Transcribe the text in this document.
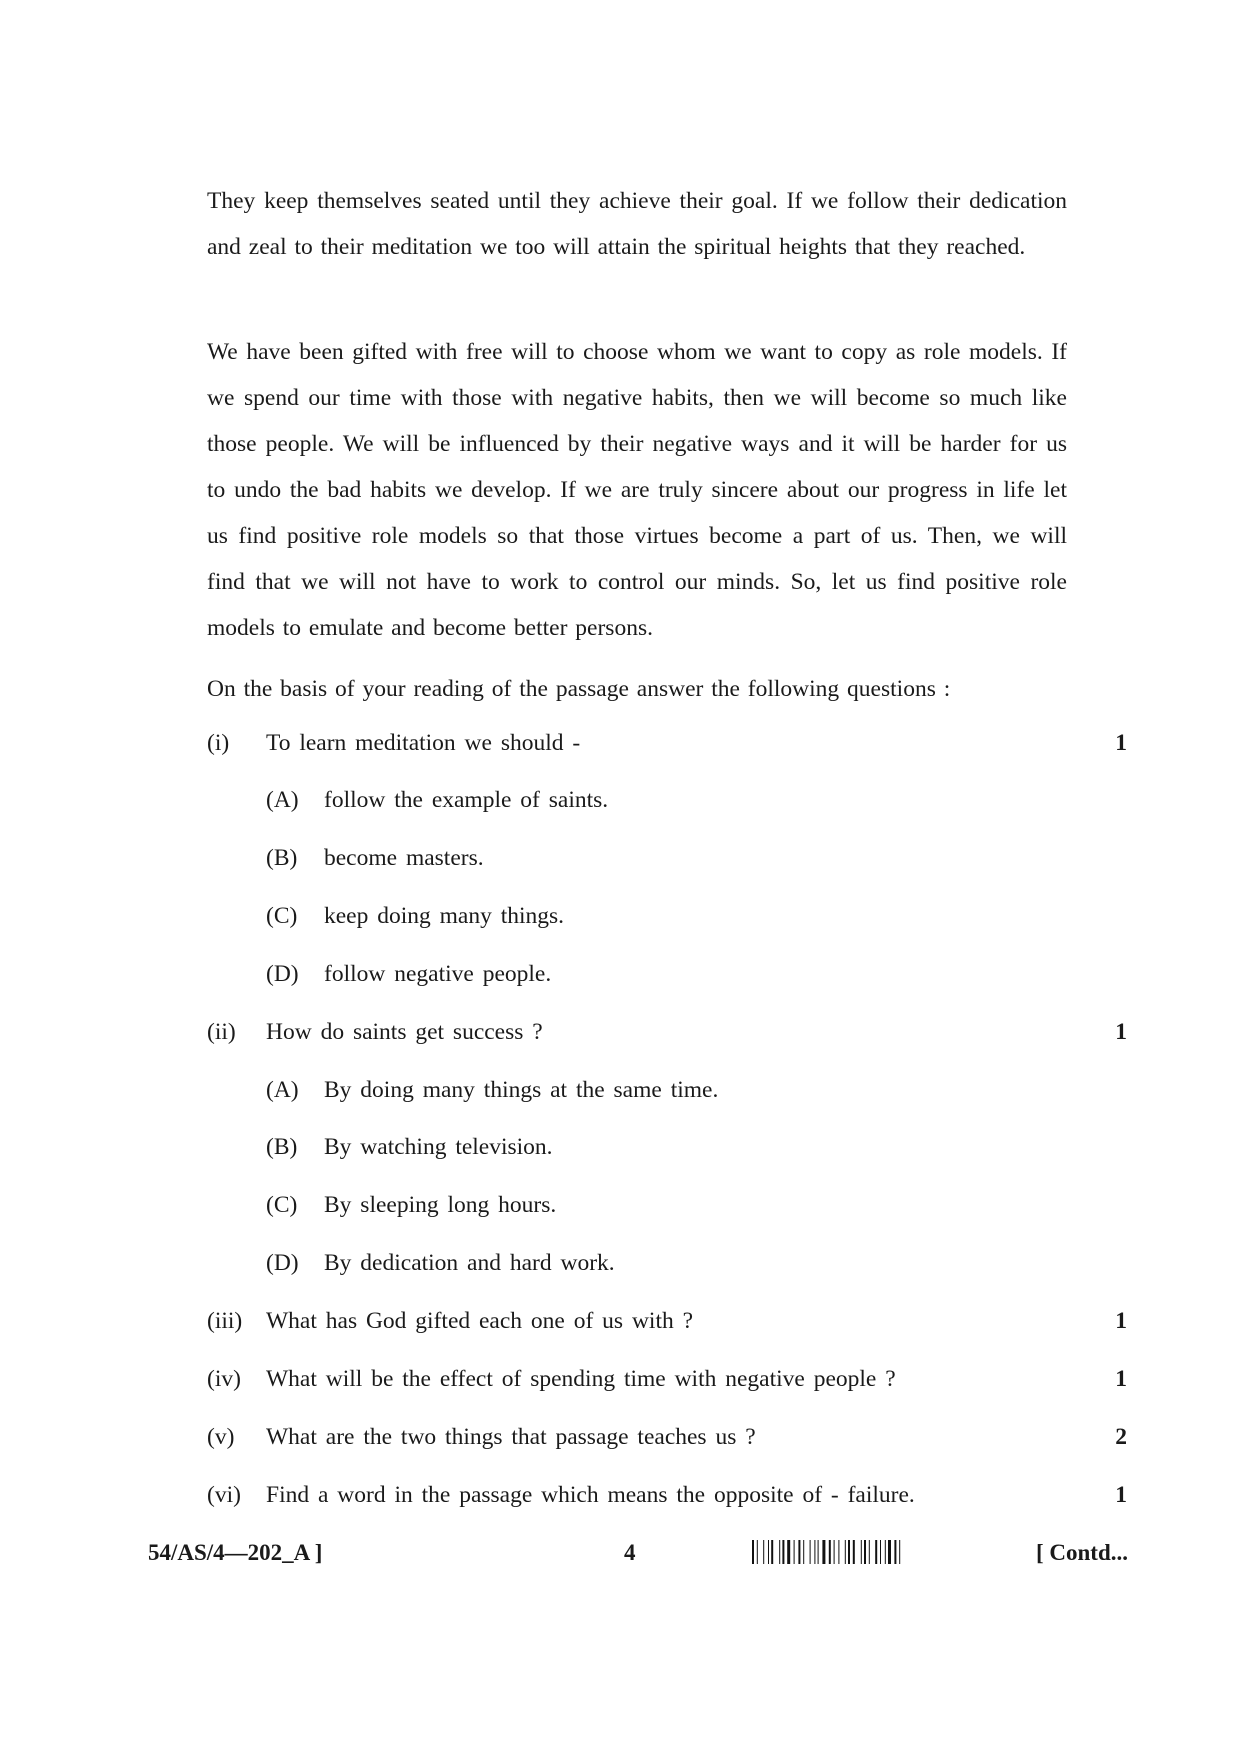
They keep themselves seated until they achieve their goal. If we follow their dedication and zeal to their meditation we too will attain the spiritual heights that they reached.

We have been gifted with free will to choose whom we want to copy as role models. If we spend our time with those with negative habits, then we will become so much like those people. We will be influenced by their negative ways and it will be harder for us to undo the bad habits we develop. If we are truly sincere about our progress in life let us find positive role models so that those virtues become a part of us. Then, we will find that we will not have to work to control our minds. So, let us find positive role models to emulate and become better persons.

On the basis of your reading of the passage answer the following questions :

(i) To learn meditation we should -	1
(A) follow the example of saints.
(B) become masters.
(C) keep doing many things.
(D) follow negative people.
(ii) How do saints get success ?	1
(A) By doing many things at the same time.
(B) By watching television.
(C) By sleeping long hours.
(D) By dedication and hard work.
(iii) What has God gifted each one of us with ?	1
(iv) What will be the effect of spending time with negative people ?	1
(v) What are the two things that passage teaches us ?	2
(vi) Find a word in the passage which means the opposite of - failure.	1
54/AS/4—202_A ]	4	[ Contd...
